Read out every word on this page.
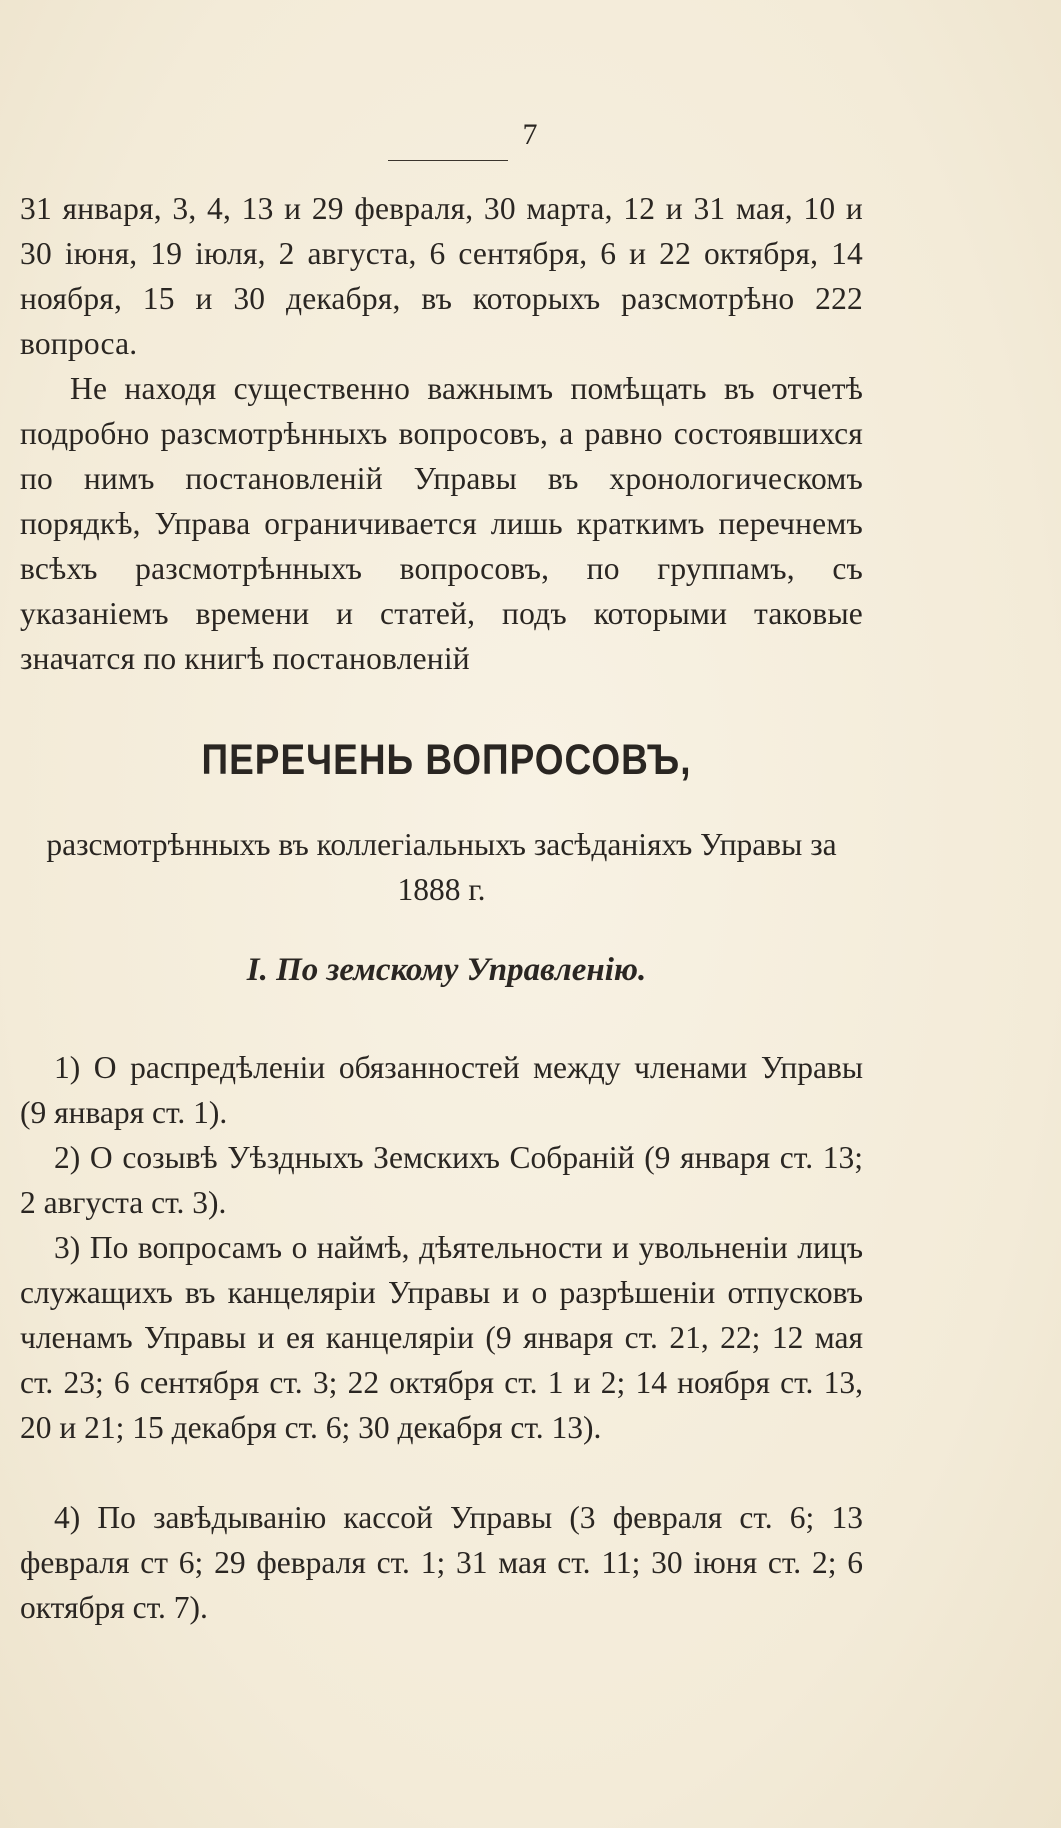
7

31 января, 3, 4, 13 и 29 февраля, 30 марта, 12 и 31 мая, 10 и 30 іюня, 19 іюля, 2 августа, 6 сентября, 6 и 22 октября, 14 ноября, 15 и 30 декабря, въ которыхъ разсмотрѣно 222 вопроса.

Не находя существенно важнымъ помѣщать въ отчетѣ подробно разсмотрѣнныхъ вопросовъ, а равно состоявшихся по нимъ постановленій Управы въ хронологическомъ порядкѣ, Управа ограничивается лишь краткимъ перечнемъ всѣхъ разсмотрѣнныхъ вопросовъ, по группамъ, съ указаніемъ времени и статей, подъ которыми таковые значатся по книгѣ постановленій

ПЕРЕЧЕНЬ ВОПРОСОВЪ,

разсмотрѣнныхъ въ коллегіальныхъ засѣданіяхъ Управы за 1888 г.

I. По земскому Управленію.

1) О распредѣленіи обязанностей между членами Управы (9 января ст. 1).

2) О созывѣ Уѣздныхъ Земскихъ Собраній (9 января ст. 13; 2 августа ст. 3).

3) По вопросамъ о наймѣ, дѣятельности и увольненіи лицъ служащихъ въ канцеляріи Управы и о разрѣшеніи отпусковъ членамъ Управы и ея канцеляріи (9 января ст. 21, 22; 12 мая ст. 23; 6 сентября ст. 3; 22 октября ст. 1 и 2; 14 ноября ст. 13, 20 и 21; 15 декабря ст. 6; 30 декабря ст. 13).

4) По завѣдыванію кассой Управы (3 февраля ст. 6; 13 февраля ст 6; 29 февраля ст. 1; 31 мая ст. 11; 30 іюня ст. 2; 6 октября ст. 7).
